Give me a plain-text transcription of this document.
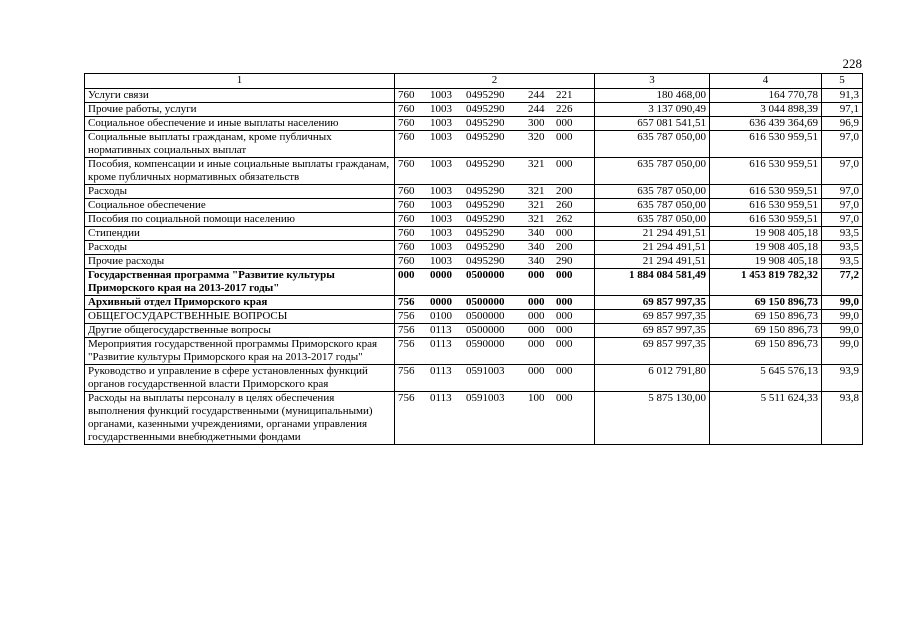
228
1	2	3	4	5
Услуги связи	760 1003 0495290 244 221	180 468,00	164 770,78	91,3
Прочие работы, услуги	760 1003 0495290 244 226	3 137 090,49	3 044 898,39	97,1
Социальное обеспечение и иные выплаты населению	760 1003 0495290 300 000	657 081 541,51	636 439 364,69	96,9
Социальные выплаты гражданам, кроме публичных нормативных социальных выплат	760 1003 0495290 320 000	635 787 050,00	616 530 959,51	97,0
Пособия, компенсации и иные социальные выплаты гражданам, кроме публичных нормативных обязательств	760 1003 0495290 321 000	635 787 050,00	616 530 959,51	97,0
Расходы	760 1003 0495290 321 200	635 787 050,00	616 530 959,51	97,0
Социальное обеспечение	760 1003 0495290 321 260	635 787 050,00	616 530 959,51	97,0
Пособия по социальной помощи населению	760 1003 0495290 321 262	635 787 050,00	616 530 959,51	97,0
Стипендии	760 1003 0495290 340 000	21 294 491,51	19 908 405,18	93,5
Расходы	760 1003 0495290 340 200	21 294 491,51	19 908 405,18	93,5
Прочие расходы	760 1003 0495290 340 290	21 294 491,51	19 908 405,18	93,5
Государственная программа "Развитие культуры Приморского края на 2013-2017 годы"	000 0000 0500000 000 000	1 884 084 581,49	1 453 819 782,32	77,2
Архивный отдел Приморского края	756 0000 0500000 000 000	69 857 997,35	69 150 896,73	99,0
ОБЩЕГОСУДАРСТВЕННЫЕ ВОПРОСЫ	756 0100 0500000 000 000	69 857 997,35	69 150 896,73	99,0
Другие общегосударственные вопросы	756 0113 0500000 000 000	69 857 997,35	69 150 896,73	99,0
Мероприятия государственной программы Приморского края "Развитие культуры Приморского края на 2013-2017 годы"	756 0113 0590000 000 000	69 857 997,35	69 150 896,73	99,0
Руководство и управление в сфере установленных функций органов государственной власти Приморского края	756 0113 0591003 000 000	6 012 791,80	5 645 576,13	93,9
Расходы на выплаты персоналу в целях обеспечения выполнения функций государственными (муниципальными) органами, казенными учреждениями, органами управления государственными внебюджетными фондами	756 0113 0591003 100 000	5 875 130,00	5 511 624,33	93,8
